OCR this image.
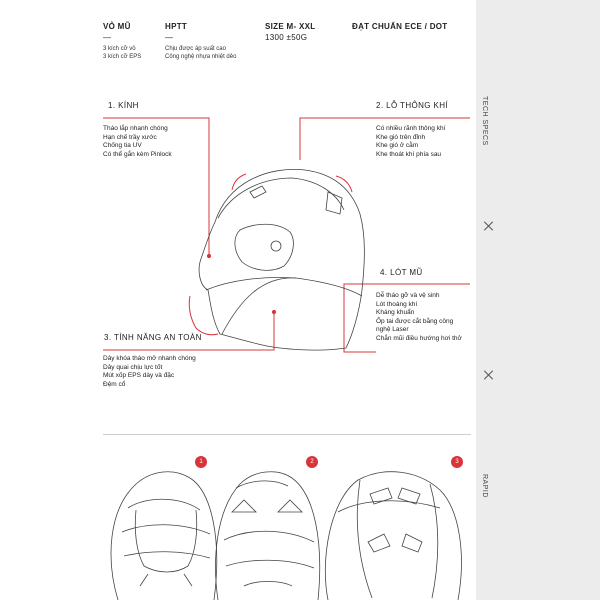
VỎ MŨ
—
3 kích cỡ vỏ
3 kích cỡ EPS
HPTT
—
Chịu được áp suất cao
Công nghệ nhựa nhiệt dẻo
SIZE M- XXL
1300 ±50G
ĐẠT CHUẨN ECE / DOT
1. KÍNH
Tháo lắp nhanh chóng
Hạn chế trầy xước
Chống tia UV
Có thể gắn kèm Pinlock
2. LỖ THÔNG KHÍ
Có nhiều rãnh thông khí
Khe gió trên đỉnh
Khe gió ở cằm
Khe thoát khí phía sau
4. LÓT MŨ
Dễ tháo gỡ và vệ sinh
Lót thoáng khí
Kháng khuẩn
Ốp tai được cắt bằng công
nghệ Laser
Chắn mũi điều hướng hơi thở
3. TÍNH NĂNG AN TOÀN
Dây khóa tháo mở nhanh chóng
Dây quai chịu lực tốt
Mút xốp EPS dày và đặc
Đệm cổ
1	2	3
TECH SPECS
RAPID
